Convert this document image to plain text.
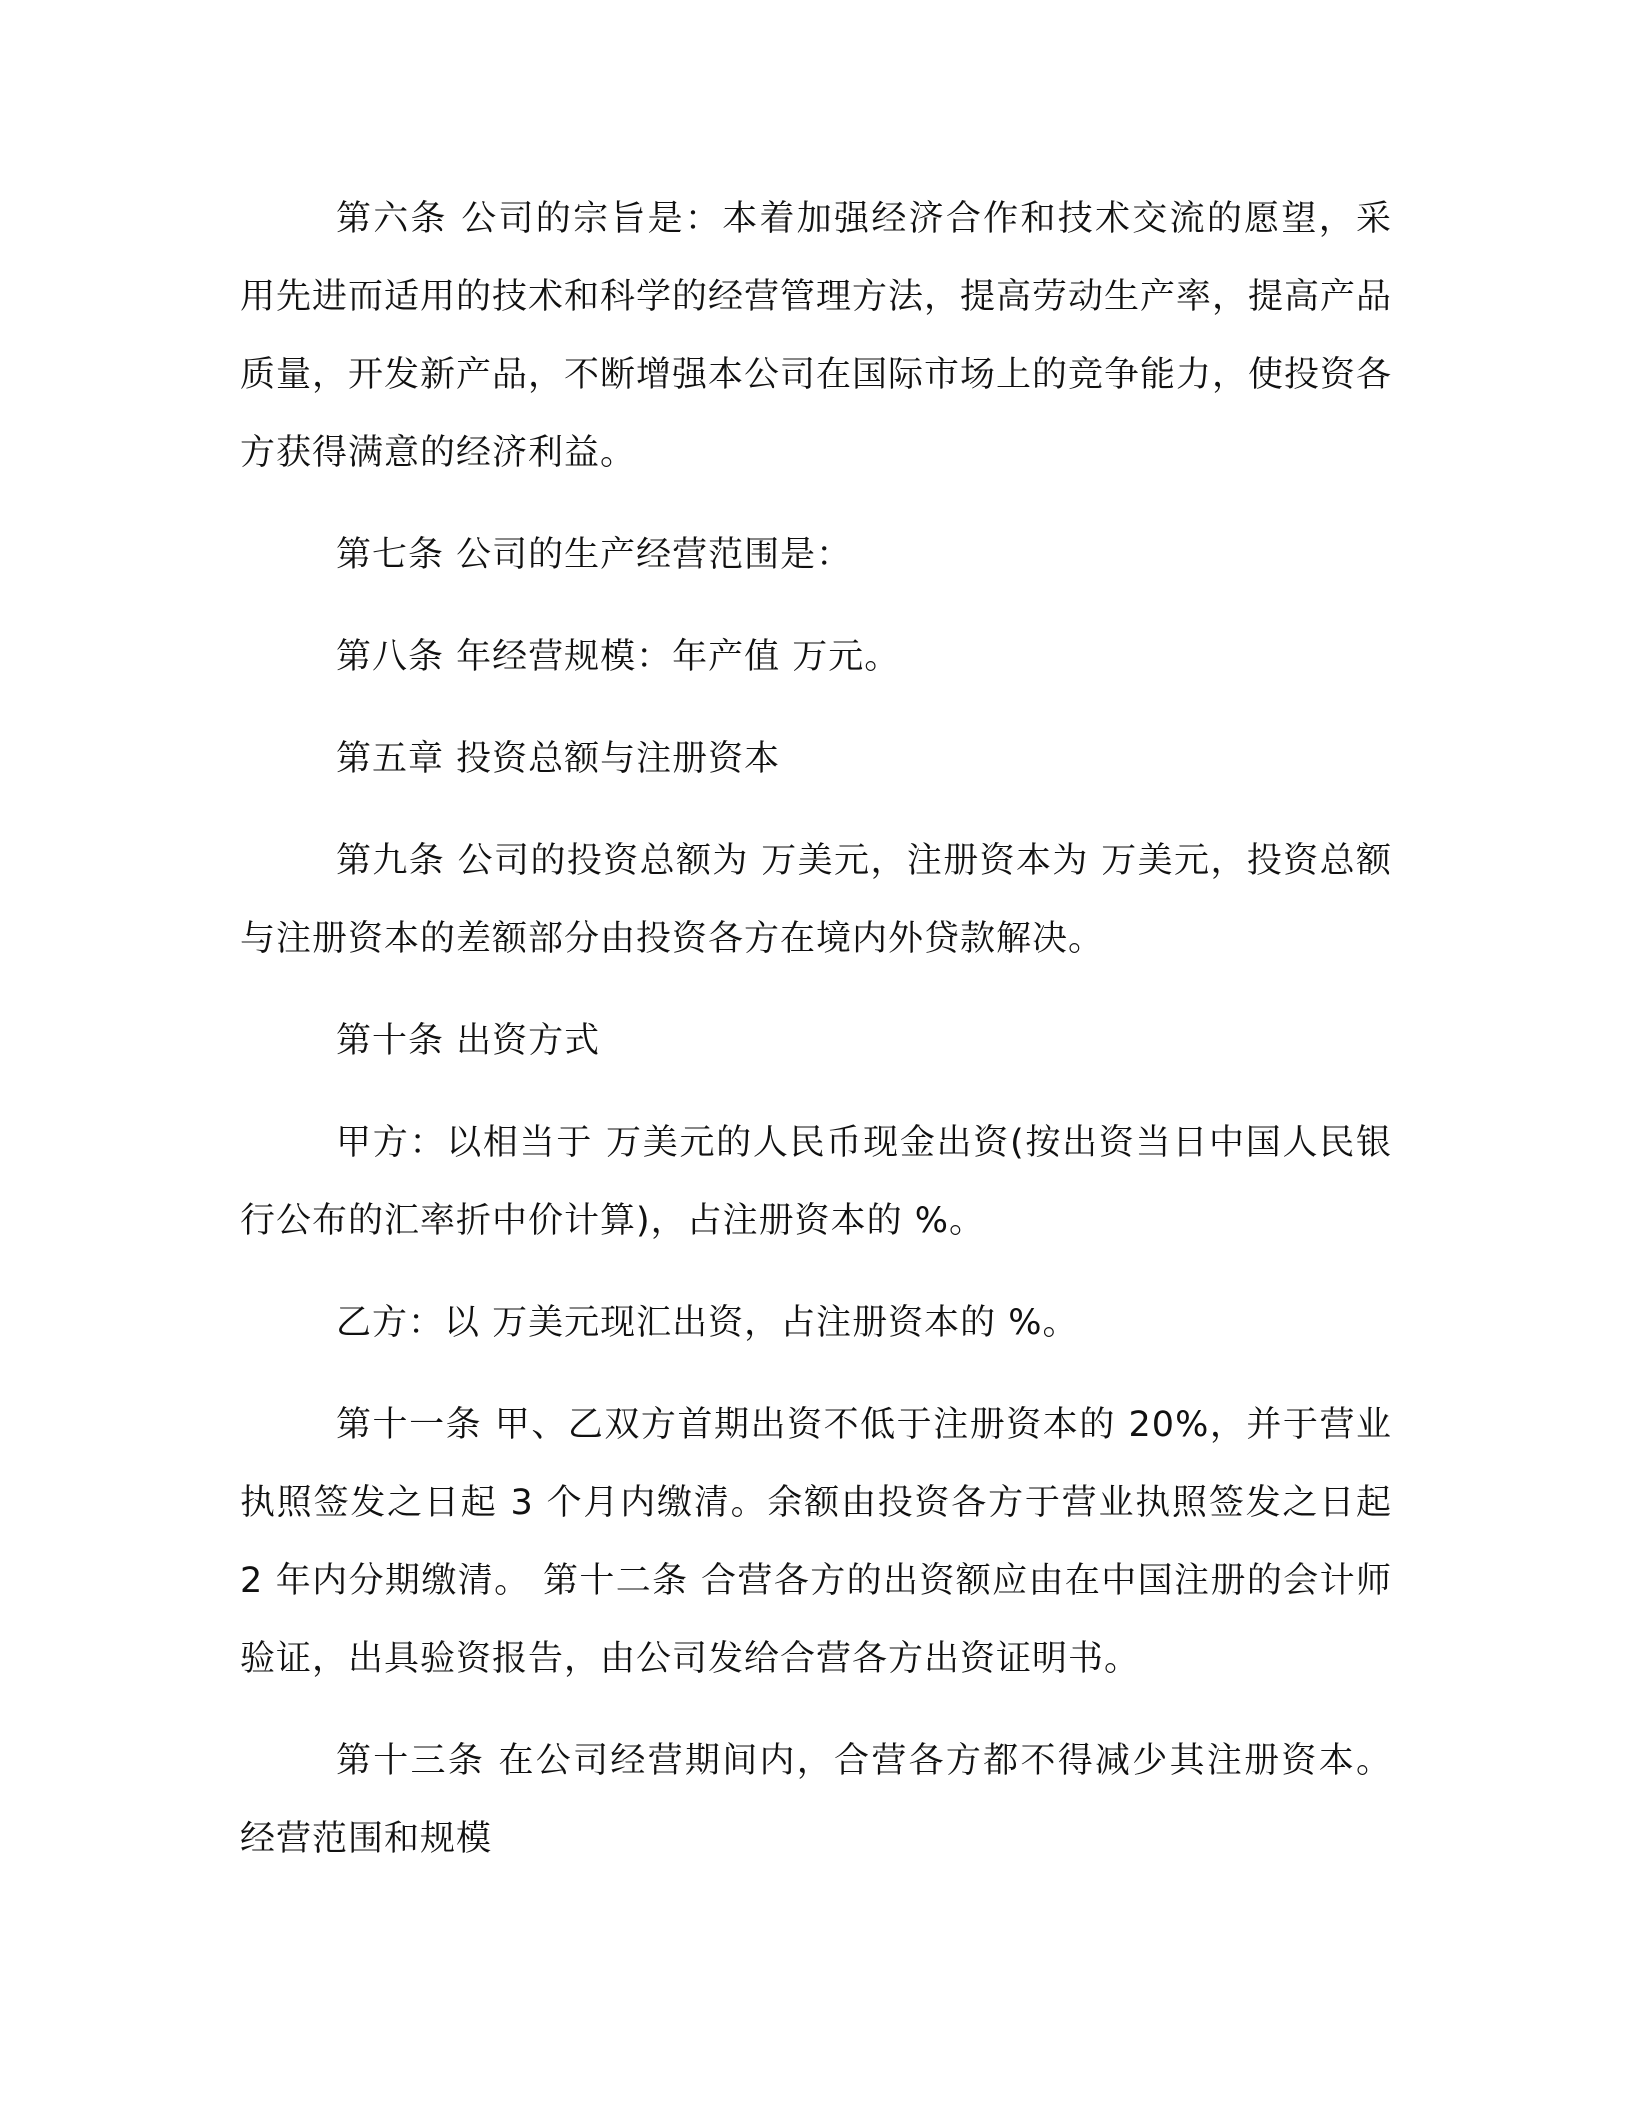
第六条 公司的宗旨是：本着加强经济合作和技术交流的愿望，采用先进而适用的技术和科学的经营管理方法，提高劳动生产率，提高产品质量，开发新产品，不断增强本公司在国际市场上的竞争能力，使投资各方获得满意的经济利益。

第七条 公司的生产经营范围是：

第八条 年经营规模：年产值 万元。

第五章 投资总额与注册资本

第九条 公司的投资总额为 万美元，注册资本为 万美元，投资总额与注册资本的差额部分由投资各方在境内外贷款解决。

第十条 出资方式

甲方：以相当于 万美元的人民币现金出资(按出资当日中国人民银行公布的汇率折中价计算)，占注册资本的 %。

乙方：以 万美元现汇出资，占注册资本的 %。

第十一条 甲、乙双方首期出资不低于注册资本的 20%，并于营业执照签发之日起 3 个月内缴清。余额由投资各方于营业执照签发之日起 2 年内分期缴清。 第十二条 合营各方的出资额应由在中国注册的会计师验证，出具验资报告，由公司发给合营各方出资证明书。

第十三条 在公司经营期间内，合营各方都不得减少其注册资本。经营范围和规模
